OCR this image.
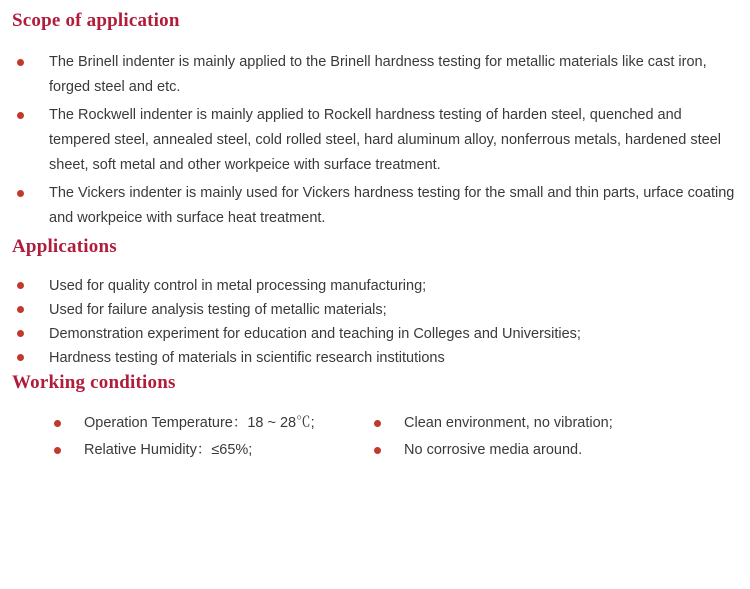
Scope of application
The Brinell indenter is mainly applied to the Brinell hardness testing for metallic materials like cast iron, forged steel and etc.
The Rockwell indenter is mainly applied to Rockell hardness testing of harden steel, quenched and tempered steel, annealed steel, cold rolled steel, hard aluminum alloy, nonferrous metals, hardened steel sheet, soft metal and other workpeice with surface treatment.
The Vickers indenter is mainly used for Vickers hardness testing for the small and thin parts, urface coating and workpeice with surface heat treatment.
Applications
Used for quality control in metal processing manufacturing;
Used for failure analysis testing of metallic materials;
Demonstration experiment for education and teaching in Colleges and Universities;
Hardness testing of materials in scientific research institutions
Working conditions
Operation Temperature：18 ~ 28℃;
Relative Humidity：≤65%;
Clean environment, no vibration;
No corrosive media around.
